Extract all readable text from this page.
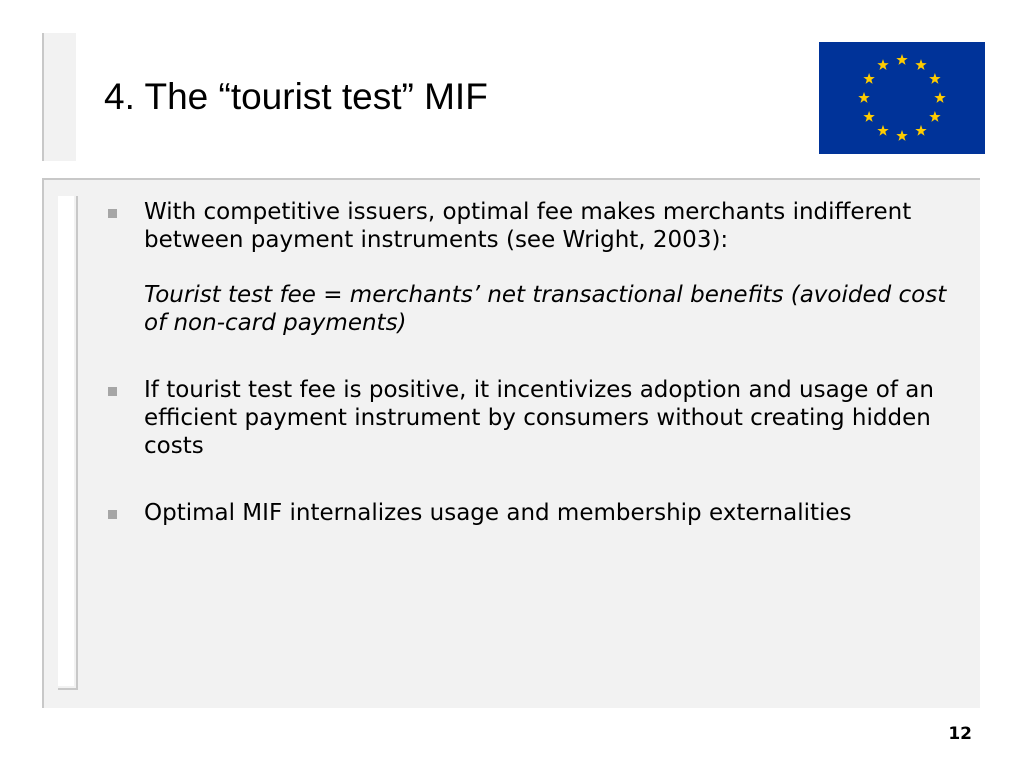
4. The “tourist test” MIF
With competitive issuers, optimal fee makes merchants indifferent between payment instruments (see Wright, 2003):
Tourist test fee = merchants’ net transactional benefits (avoided cost of non-card payments)
If tourist test fee is positive, it incentivizes adoption and usage of an efficient payment instrument by consumers without creating hidden costs
Optimal MIF internalizes usage and membership externalities
12
